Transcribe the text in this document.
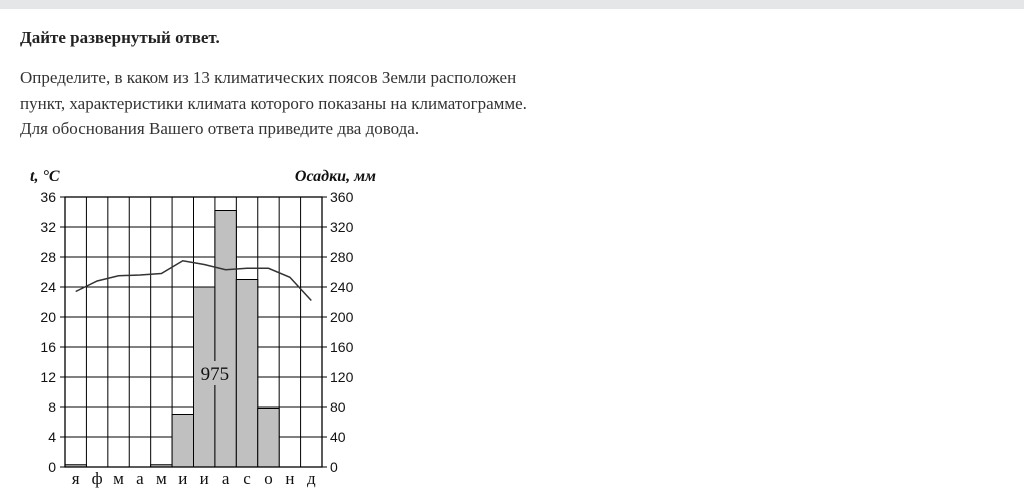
Дайте развернутый ответ.

Определите, в каком из 13 климатических поясов Земли расположен
пункт, характеристики климата которого показаны на климатограмме.
Для обоснования Вашего ответа приведите два довода.

0
4
8
12
16
20
24
28
32
36
0
40
80
120
160
200
240
280
320
360
я ф м а м и и а с о н д
t, °C	Осадки, мм
975
